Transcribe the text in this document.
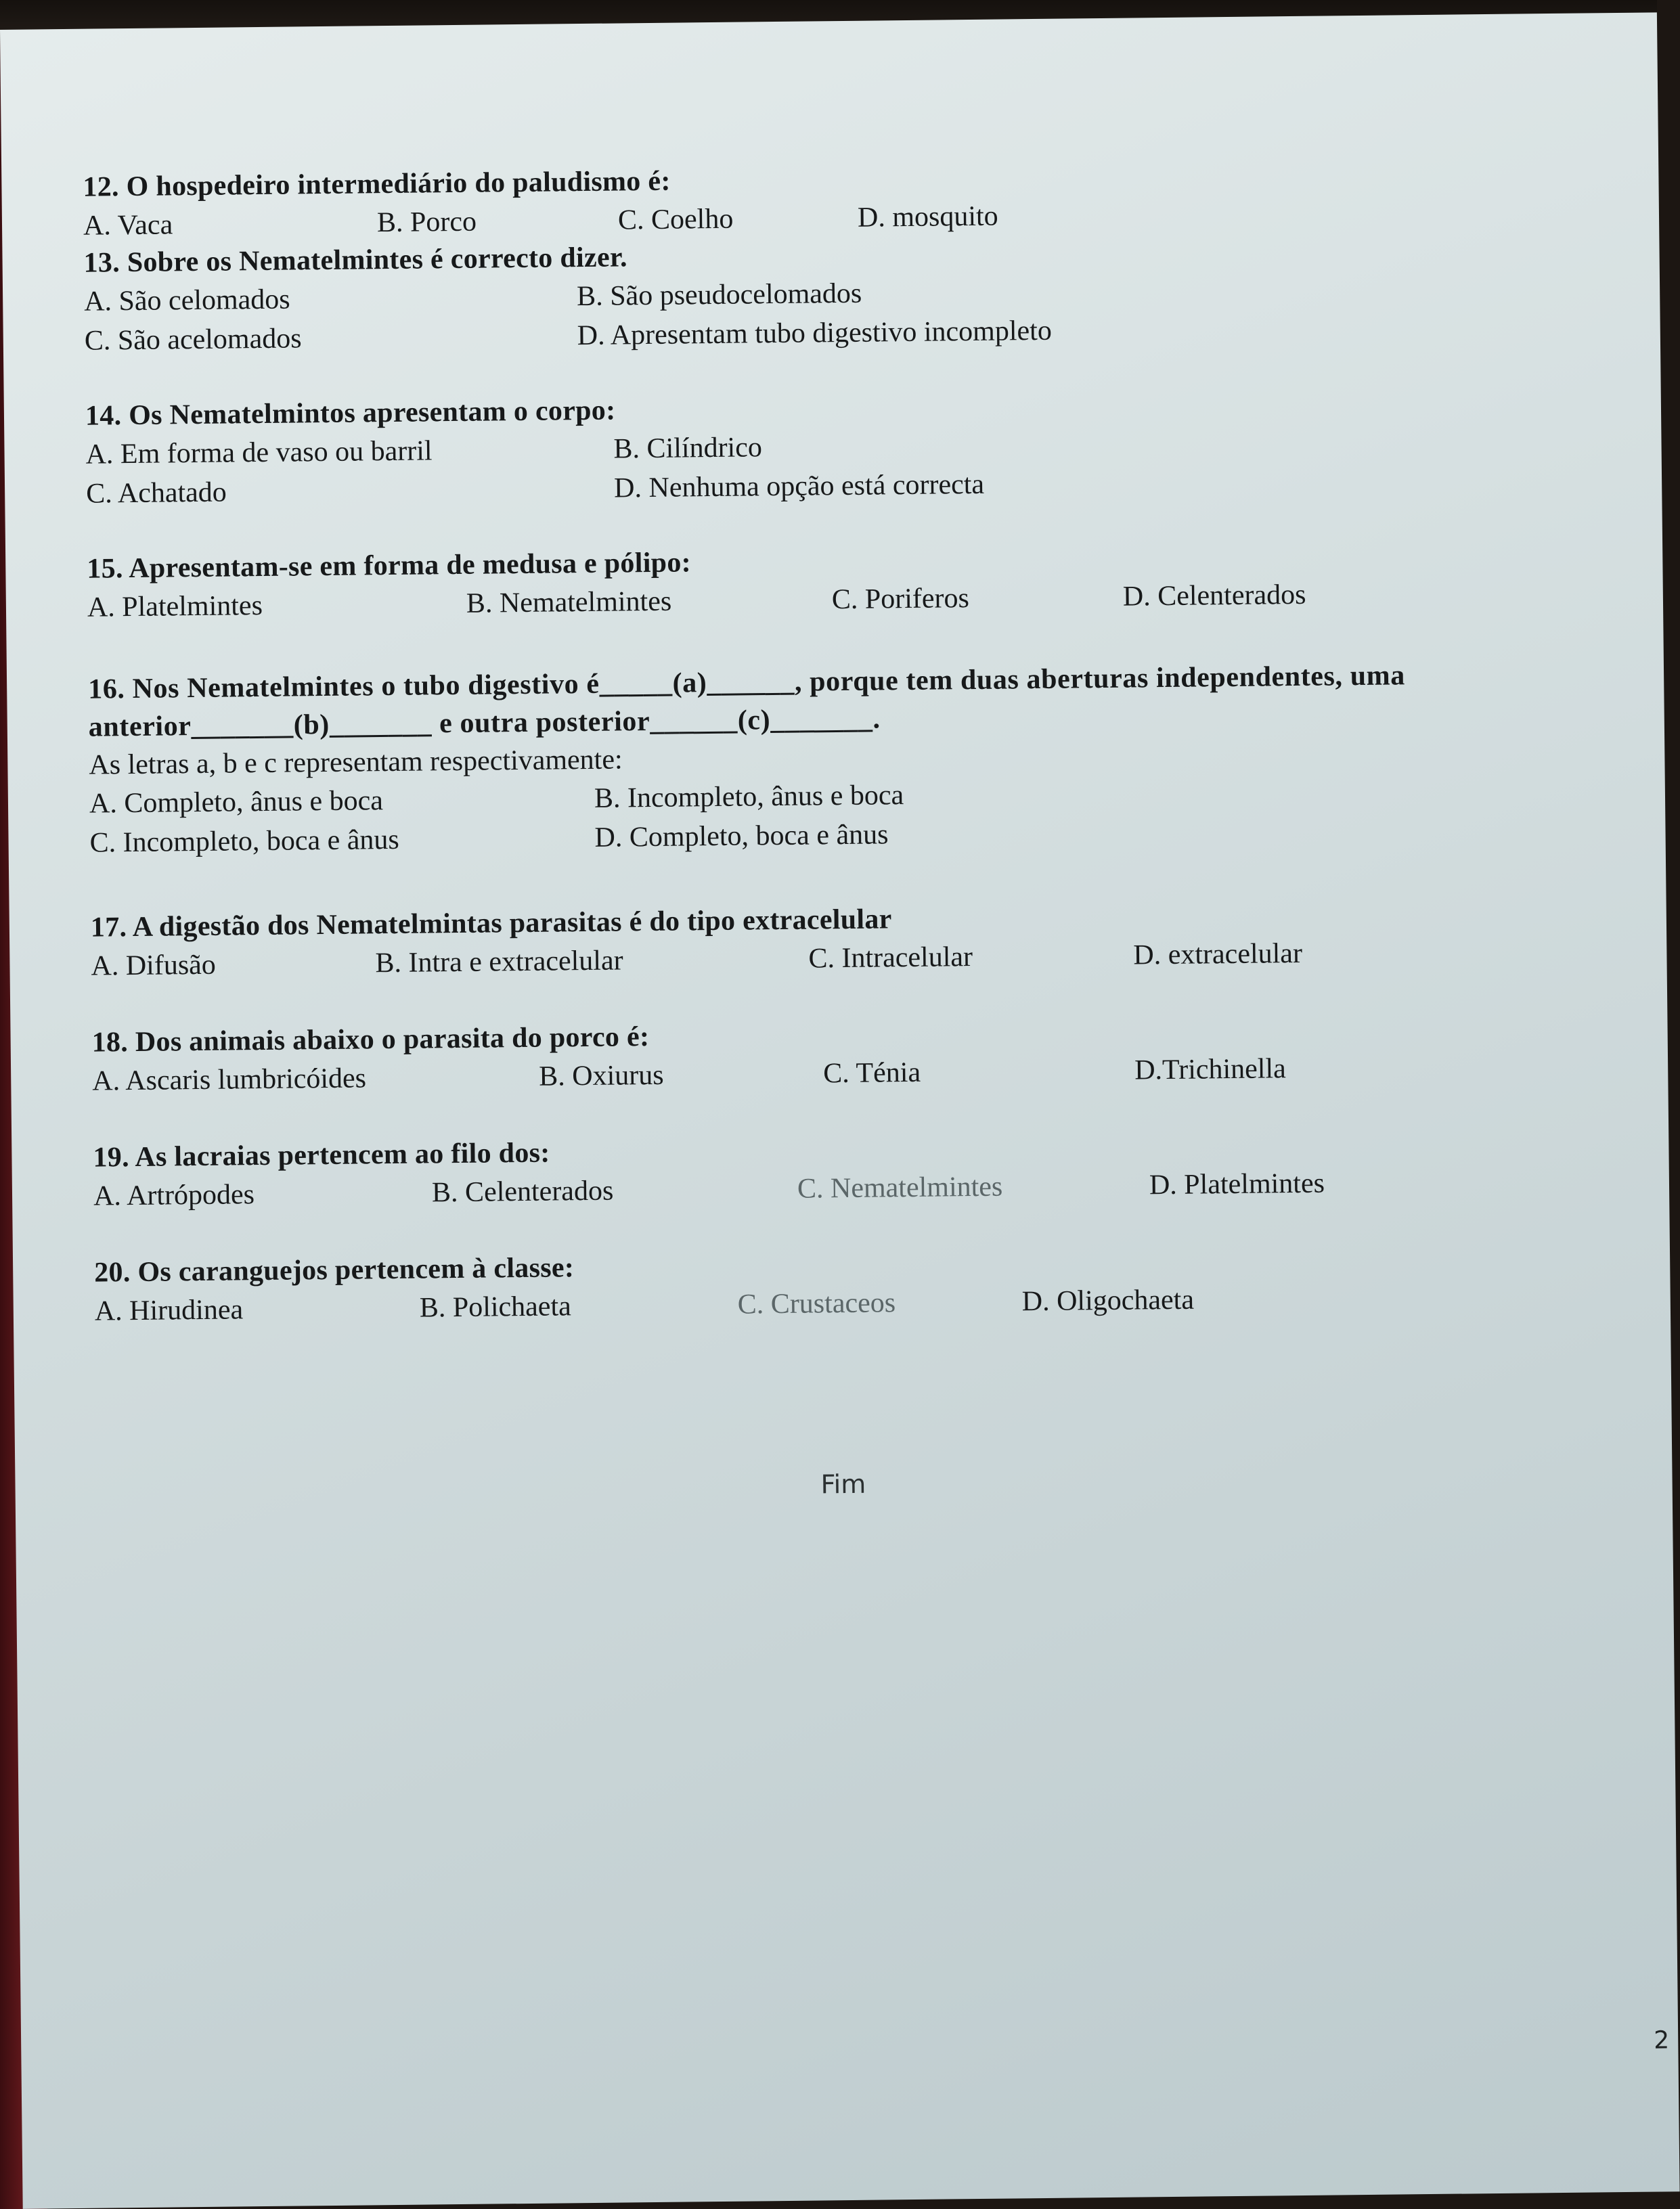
12. O hospedeiro intermediário do paludismo é:
A. Vaca	B. Porco	C. Coelho	D. mosquito
13. Sobre os Nematelmintes é correcto dizer.
A. São celomados	B. São pseudocelomados
C. São acelomados	D. Apresentam tubo digestivo incompleto
14. Os Nematelmintos apresentam o corpo:
A. Em forma de vaso ou barril	B. Cilíndrico
C. Achatado	D. Nenhuma opção está correcta
15. Apresentam-se em forma de medusa e pólipo:
A. Platelmintes	B. Nematelmintes	C. Poriferos	D. Celenterados
16. Nos Nematelmintes o tubo digestivo é_____(a)______, porque tem duas aberturas independentes, uma anterior_______(b)_______ e outra posterior______(c)_______.
As letras a, b e c representam respectivamente:
A. Completo, ânus e boca	B. Incompleto, ânus e boca
C. Incompleto, boca e ânus	D. Completo, boca e ânus
17. A digestão dos Nematelmintas parasitas é do tipo extracelular
A. Difusão	B. Intra e extracelular	C. Intracelular	D. extracelular
18. Dos animais abaixo o parasita do porco é:
A. Ascaris lumbricóides	B. Oxiurus	C. Ténia	D.Trichinella
19. As lacraias pertencem ao filo dos:
A. Artrópodes	B. Celenterados	C. Nematelmintes	D. Platelmintes
20. Os caranguejos pertencem à classe:
A. Hirudinea	B. Polichaeta	C. Crustaceos	D. Oligochaeta
Fim
2
